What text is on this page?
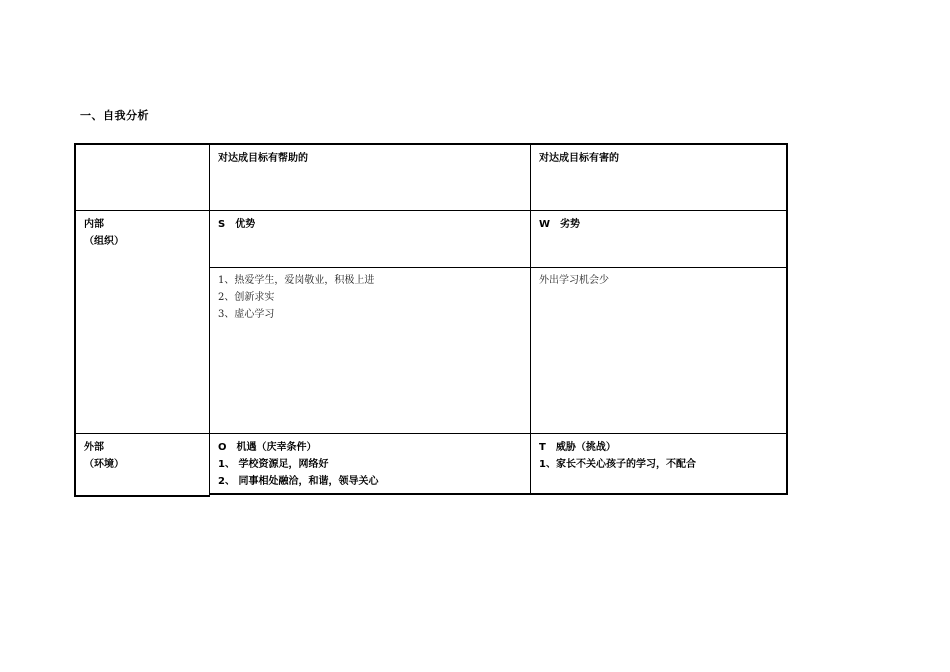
一、自我分析
对达成目标有帮助的	对达成目标有害的
内部
（组织）
S　优势	W　劣势
1、热爱学生，爱岗敬业，积极上进
2、创新求实
3、虚心学习
外出学习机会少
外部
（环境）
O　机遇（庆幸条件）
1、 学校资源足，网络好
2、 同事相处融洽，和谐，领导关心
T　威胁（挑战）
1、家长不关心孩子的学习，不配合
